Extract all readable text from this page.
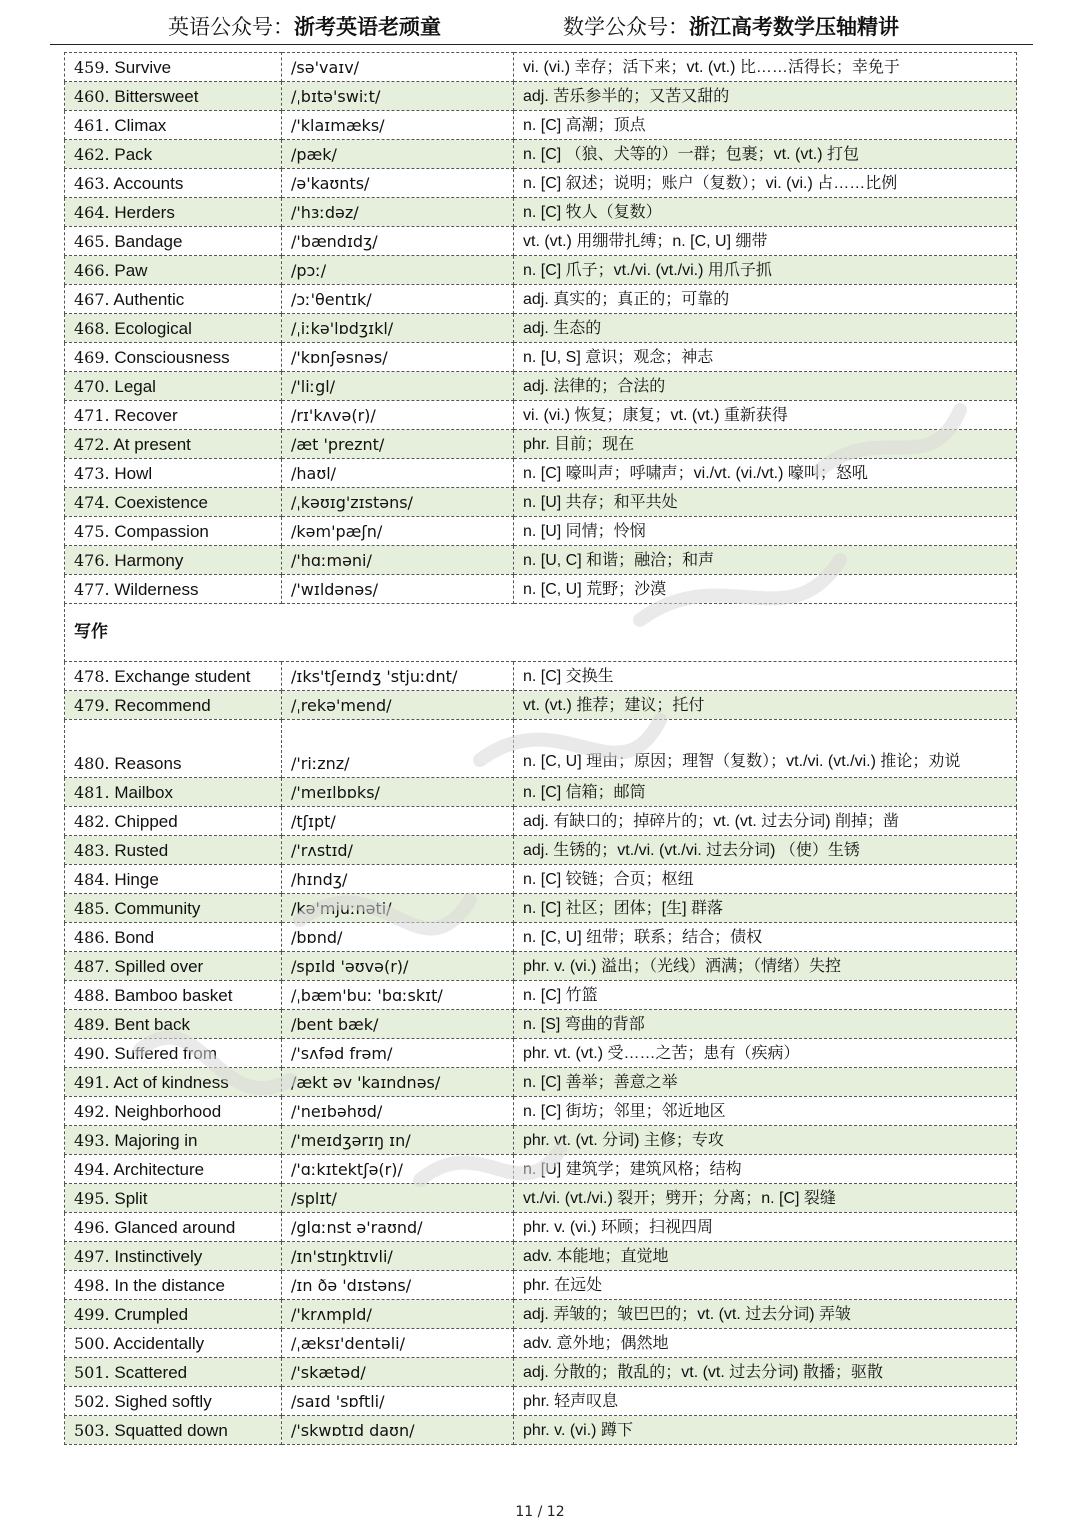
英语公众号：浙考英语老顽童	数学公众号：浙江高考数学压轴精讲
459. Survive	/sə'vaɪv/	vi. (vi.) 幸存；活下来；vt. (vt.) 比……活得长；幸免于
460. Bittersweet	/ˌbɪtə'swiːt/	adj. 苦乐参半的；又苦又甜的
461. Climax	/'klaɪmæks/	n. [C] 高潮；顶点
462. Pack	/pæk/	n. [C] （狼、犬等的）一群；包裹；vt. (vt.) 打包
463. Accounts	/ə'kaʊnts/	n. [C] 叙述；说明；账户（复数）；vi. (vi.) 占……比例
464. Herders	/'hɜːdəz/	n. [C] 牧人（复数）
465. Bandage	/'bændɪdʒ/	vt. (vt.) 用绷带扎缚；n. [C, U] 绷带
466. Paw	/pɔː/	n. [C] 爪子；vt./vi. (vt./vi.) 用爪子抓
467. Authentic	/ɔː'θentɪk/	adj. 真实的；真正的；可靠的
468. Ecological	/ˌiːkə'lɒdʒɪkl/	adj. 生态的
469. Consciousness	/'kɒnʃəsnəs/	n. [U, S] 意识；观念；神志
470. Legal	/'liːgl/	adj. 法律的；合法的
471. Recover	/rɪ'kʌvə(r)/	vi. (vi.) 恢复；康复；vt. (vt.) 重新获得
472. At present	/æt 'preznt/	phr. 目前；现在
473. Howl	/haʊl/	n. [C] 嚎叫声；呼啸声；vi./vt. (vi./vt.) 嚎叫；怒吼
474. Coexistence	/ˌkəʊɪg'zɪstəns/	n. [U] 共存；和平共处
475. Compassion	/kəm'pæʃn/	n. [U] 同情；怜悯
476. Harmony	/'hɑːməni/	n. [U, C] 和谐；融洽；和声
477. Wilderness	/'wɪldənəs/	n. [C, U] 荒野；沙漠
写作		
478. Exchange student	/ɪks'tʃeɪndʒ 'stjuːdnt/	n. [C] 交换生
479. Recommend	/ˌrekə'mend/	vt. (vt.) 推荐；建议；托付
480. Reasons	/'riːznz/	n. [C, U] 理由；原因；理智（复数）；vt./vi. (vt./vi.) 推论；劝说
481. Mailbox	/'meɪlbɒks/	n. [C] 信箱；邮筒
482. Chipped	/tʃɪpt/	adj. 有缺口的；掉碎片的；vt. (vt. 过去分词) 削掉；凿
483. Rusted	/'rʌstɪd/	adj. 生锈的；vt./vi. (vt./vi. 过去分词) （使）生锈
484. Hinge	/hɪndʒ/	n. [C] 铰链；合页；枢纽
485. Community	/kə'mjuːnəti/	n. [C] 社区；团体；[生] 群落
486. Bond	/bɒnd/	n. [C, U] 纽带；联系；结合；债权
487. Spilled over	/spɪld 'əʊvə(r)/	phr. v. (vi.) 溢出；（光线）洒满；（情绪）失控
488. Bamboo basket	/ˌbæm'buː 'bɑːskɪt/	n. [C] 竹篮
489. Bent back	/bent bæk/	n. [S] 弯曲的背部
490. Suffered from	/'sʌfəd frəm/	phr. vt. (vt.) 受……之苦；患有（疾病）
491. Act of kindness	/ækt əv 'kaɪndnəs/	n. [C] 善举；善意之举
492. Neighborhood	/'neɪbəhʊd/	n. [C] 街坊；邻里；邻近地区
493. Majoring in	/'meɪdʒərɪŋ ɪn/	phr. vt. (vt. 分词) 主修；专攻
494. Architecture	/'ɑːkɪtektʃə(r)/	n. [U] 建筑学；建筑风格；结构
495. Split	/splɪt/	vt./vi. (vt./vi.) 裂开；劈开；分离；n. [C] 裂缝
496. Glanced around	/glɑːnst ə'raʊnd/	phr. v. (vi.) 环顾；扫视四周
497. Instinctively	/ɪn'stɪŋktɪvli/	adv. 本能地；直觉地
498. In the distance	/ɪn ðə 'dɪstəns/	phr. 在远处
499. Crumpled	/'krʌmpld/	adj. 弄皱的；皱巴巴的；vt. (vt. 过去分词) 弄皱
500. Accidentally	/ˌæksɪ'dentəli/	adv. 意外地；偶然地
501. Scattered	/'skætəd/	adj. 分散的；散乱的；vt. (vt. 过去分词) 散播；驱散
502. Sighed softly	/saɪd 'sɒftli/	phr. 轻声叹息
503. Squatted down	/'skwɒtɪd daʊn/	phr. v. (vi.) 蹲下
11 / 12
